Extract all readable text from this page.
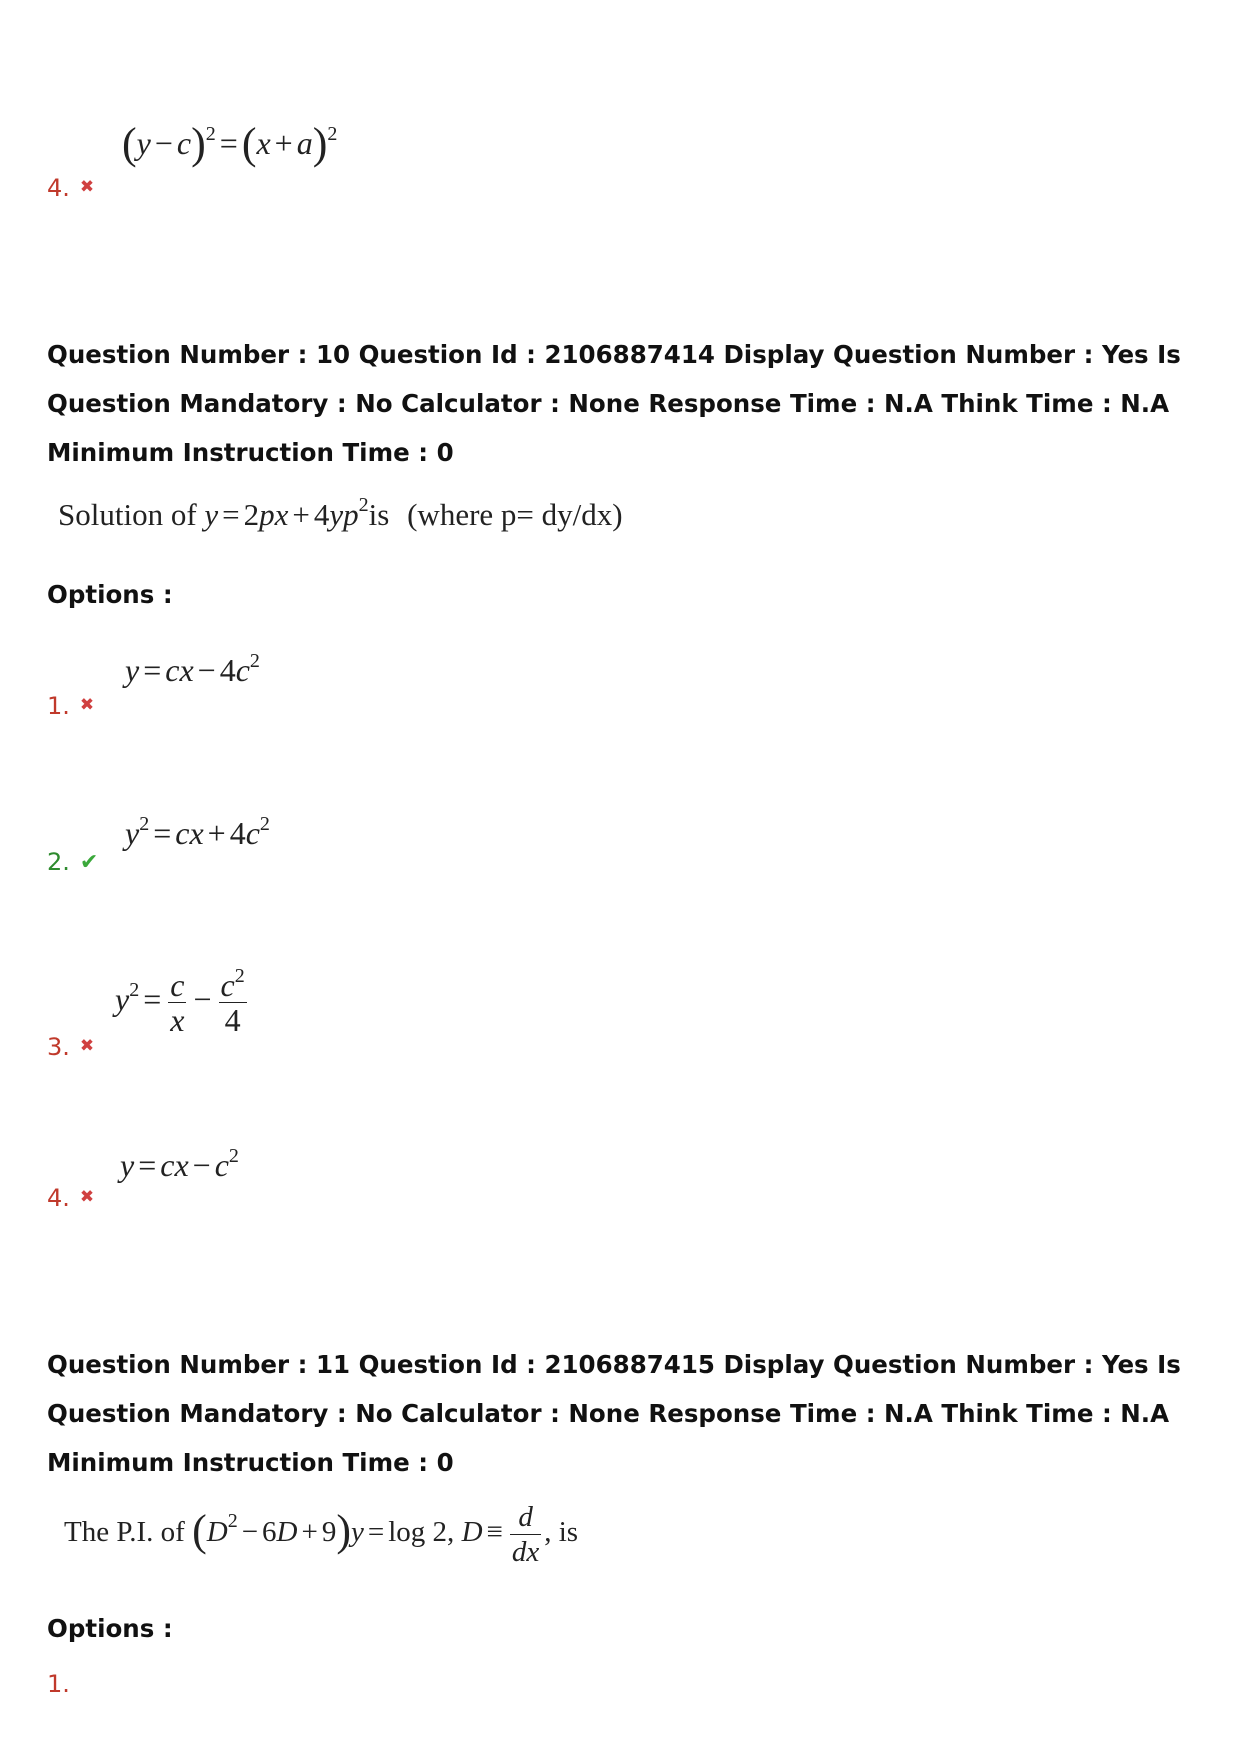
$(y - c)^2 =(x + a)^2$
4. ✖
Question Number : 10 Question Id : 2106887414 Display Question Number : Yes Is Question Mandatory : No Calculator : None Response Time : N.A Think Time : N.A Minimum Instruction Time : 0
Solution of $y = 2px + 4yp^2is$ (where p= dy/dx)
Options :
y = cx − $4c^2$
1. ✖
$y^2$ = cx + $4c^2$
2. ✔
$y^2 = \frac{c}{x} - \frac{c^2}{4}$
3. ✖
y = cx − $c^2$
4. ✖
Question Number : 11 Question Id : 2106887415 Display Question Number : Yes Is Question Mandatory : No Calculator : None Response Time : N.A Think Time : N.A Minimum Instruction Time : 0
The P.I. of $(D^2 - 6D + 9)y = \log 2$, $D \equiv \frac{d}{dx}$ , is
Options :
1.
